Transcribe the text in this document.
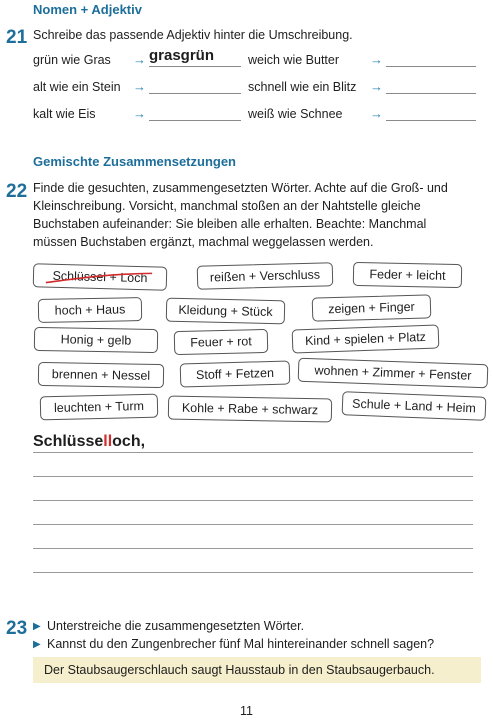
Nomen + Adjektiv
21 Schreibe das passende Adjektiv hinter die Umschreibung.
grün wie Gras → grasgrün	weich wie Butter →
alt wie ein Stein →	schnell wie ein Blitz →
kalt wie Eis	→	weiß wie Schnee →
Gemischte Zusammensetzungen
22 Finde die gesuchten, zusammengesetzten Wörter. Achte auf die Groß- und
Kleinschreibung. Vorsicht, manchmal stoßen an der Nahtstelle gleiche
Buchstaben aufeinander: Sie bleiben alle erhalten. Beachte: Manchmal
müssen Buchstaben ergänzt, machmal weggelassen werden.
Schlüssel + Loch	reißen + Verschluss	Feder + leicht
hoch + Haus	Kleidung + Stück	zeigen + Finger
Honig + gelb	Feuer + rot	Kind + spielen + Platz
brennen + Nessel	Stoff + Fetzen	wohnen + Zimmer + Fenster
leuchten + Turm	Kohle + Rabe + schwarz	Schule + Land + Heim
Schlüsselloch,
23 ▶ Unterstreiche die zusammengesetzten Wörter.
▶ Kannst du den Zungenbrecher fünf Mal hintereinander schnell sagen?
Der Staubsaugerschlauch saugt Hausstaub in den Staubsaugerbauch.
11
